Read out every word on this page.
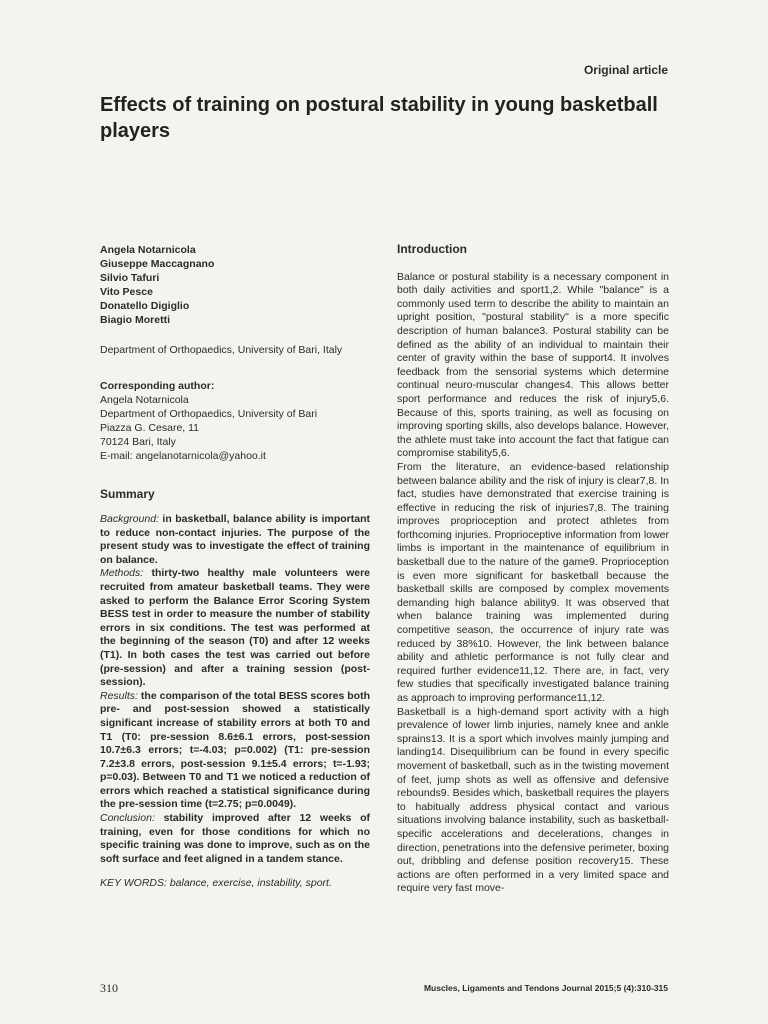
Original article
Effects of training on postural stability in young basketball players
Angela Notarnicola
Giuseppe Maccagnano
Silvio Tafuri
Vito Pesce
Donatello Digiglio
Biagio Moretti
Department of Orthopaedics, University of Bari, Italy
Corresponding author:
Angela Notarnicola
Department of Orthopaedics, University of Bari
Piazza G. Cesare, 11
70124 Bari, Italy
E-mail: angelanotarnicola@yahoo.it
Summary

Background: in basketball, balance ability is important to reduce non-contact injuries. The purpose of the present study was to investigate the effect of training on balance.

Methods: thirty-two healthy male volunteers were recruited from amateur basketball teams. They were asked to perform the Balance Error Scoring System BESS test in order to measure the number of stability errors in six conditions. The test was performed at the beginning of the season (T0) and after 12 weeks (T1). In both cases the test was carried out before (pre-session) and after a training session (post-session).

Results: the comparison of the total BESS scores both pre- and post-session showed a statistically significant increase of stability errors at both T0 and T1 (T0: pre-session 8.6±6.1 errors, post-session 10.7±6.3 errors; t=-4.03; p=0.002) (T1: pre-session 7.2±3.8 errors, post-session 9.1±5.4 errors; t=-1.93; p=0.03). Between T0 and T1 we noticed a reduction of errors which reached a statistical significance during the pre-session time (t=2.75; p=0.0049).

Conclusion: stability improved after 12 weeks of training, even for those conditions for which no specific training was done to improve, such as on the soft surface and feet aligned in a tandem stance.

KEY WORDS: balance, exercise, instability, sport.
Introduction

Balance or postural stability is a necessary component in both daily activities and sport1,2. While "balance" is a commonly used term to describe the ability to maintain an upright position, "postural stability" is a more specific description of human balance3. Postural stability can be defined as the ability of an individual to maintain their center of gravity within the base of support4. It involves feedback from the sensorial systems which determine continual neuro-muscular changes4. This allows better sport performance and reduces the risk of injury5,6. Because of this, sports training, as well as focusing on improving sporting skills, also develops balance. However, the athlete must take into account the fact that fatigue can compromise stability5,6.

From the literature, an evidence-based relationship between balance ability and the risk of injury is clear7,8. In fact, studies have demonstrated that exercise training is effective in reducing the risk of injuries7,8. The training improves proprioception and protect athletes from forthcoming injuries. Proprioceptive information from lower limbs is important in the maintenance of equilibrium in basketball due to the nature of the game9. Proprioception is even more significant for basketball because the basketball skills are composed by complex movements demanding high balance ability9. It was observed that when balance training was implemented during competitive season, the occurrence of injury rate was reduced by 38%10. However, the link between balance ability and athletic performance is not fully clear and required further evidence11,12. There are, in fact, very few studies that specifically investigated balance training as approach to improving performance11,12.

Basketball is a high-demand sport activity with a high prevalence of lower limb injuries, namely knee and ankle sprains13. It is a sport which involves mainly jumping and landing14. Disequilibrium can be found in every specific movement of basketball, such as in the twisting movement of feet, jump shots as well as offensive and defensive rebounds9. Besides which, basketball requires the players to habitually address physical contact and various situations involving balance instability, such as basketball-specific accelerations and decelerations, changes in direction, penetrations into the defensive perimeter, boxing out, dribbling and defense position recovery15. These actions are often performed in a very limited space and require very fast move-

310	Muscles, Ligaments and Tendons Journal 2015;5 (4):310-315
